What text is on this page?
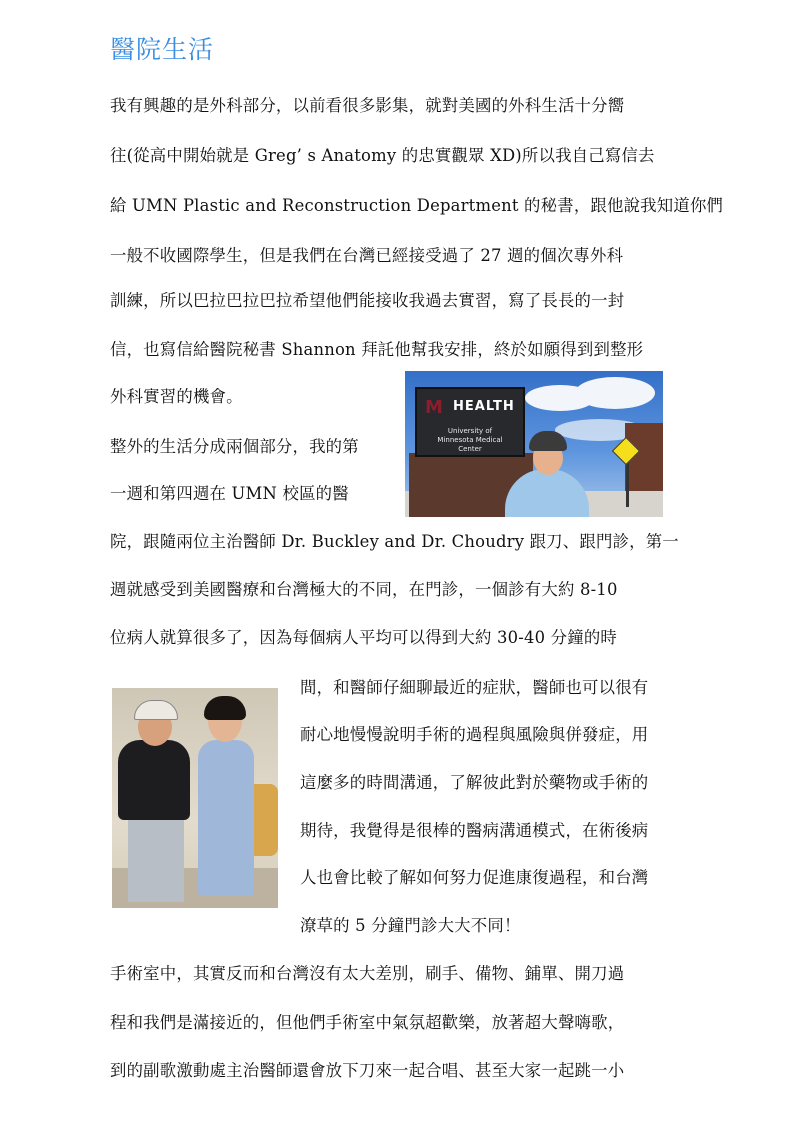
醫院生活

我有興趣的是外科部分，以前看很多影集，就對美國的外科生活十分嚮

往(從高中開始就是 Greg’ s Anatomy 的忠實觀眾 XD)所以我自己寫信去

給 UMN Plastic and Reconstruction Department 的秘書，跟他說我知道你們

一般不收國際學生，但是我們在台灣已經接受過了 27 週的個次專外科

訓練，所以巴拉巴拉巴拉希望他們能接收我過去實習，寫了長長的一封

信，也寫信給醫院秘書 Shannon 拜託他幫我安排，終於如願得到到整形

外科實習的機會。

整外的生活分成兩個部分，我的第

一週和第四週在 UMN 校區的醫

院，跟隨兩位主治醫師 Dr. Buckley and Dr. Choudry 跟刀、跟門診，第一

週就感受到美國醫療和台灣極大的不同，在門診，一個診有大約 8-10

位病人就算很多了，因為每個病人平均可以得到大約 30-40 分鐘的時

間，和醫師仔細聊最近的症狀，醫師也可以很有

耐心地慢慢說明手術的過程與風險與併發症，用

這麼多的時間溝通，了解彼此對於藥物或手術的

期待，我覺得是很棒的醫病溝通模式，在術後病

人也會比較了解如何努力促進康復過程，和台灣

潦草的 5 分鐘門診大大不同！

手術室中，其實反而和台灣沒有太大差別，刷手、備物、鋪單、開刀過

程和我們是滿接近的，但他們手術室中氣氛超歡樂，放著超大聲嗨歌，

到的副歌激動處主治醫師還會放下刀來一起合唱、甚至大家一起跳一小

M HEALTH
University of Minnesota Medical Center
